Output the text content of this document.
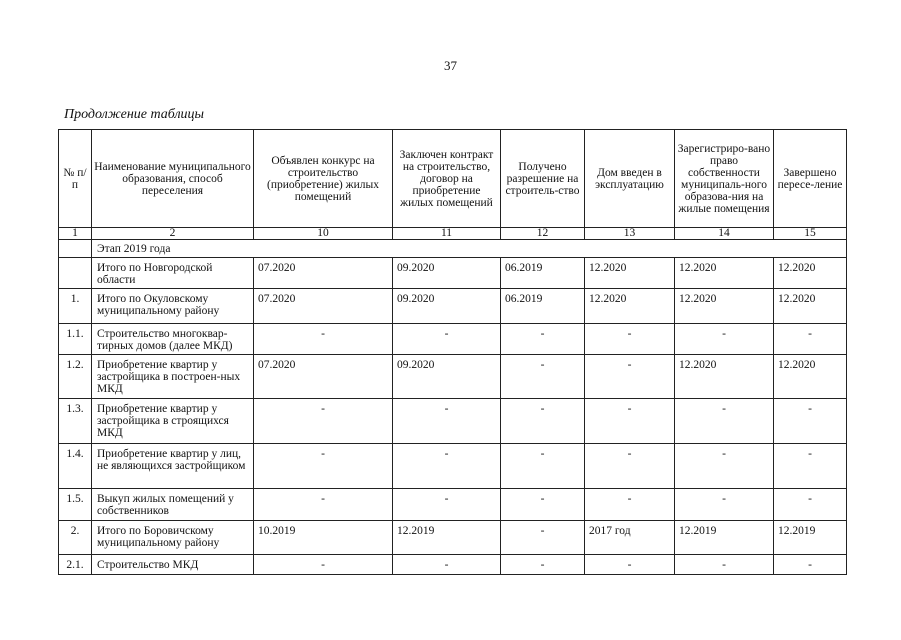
37
Продолжение таблицы
№ п/п	Наименование муниципального образования, способ переселения	Объявлен конкурс на строительство (приобретение) жилых помещений	Заключен контракт на строительство, договор на приобретение жилых помещений	Получено разрешение на строитель-ство	Дом введен в эксплуатацию	Зарегистриро-вано право собственности муниципаль-ного образова-ния на жилые помещения	Завершено пересе-ление
1	2	10	11	12	13	14	15
	Этап 2019 года						
	Итого по Новгородской области	07.2020	09.2020	06.2019	12.2020	12.2020	12.2020
1.	Итого по Окуловскому муниципальному району	07.2020	09.2020	06.2019	12.2020	12.2020	12.2020
1.1.	Строительство многоквар-тирных домов (далее МКД)	-	-	-	-	-	-
1.2.	Приобретение квартир у застройщика в построен-ных МКД	07.2020	09.2020	-	-	12.2020	12.2020
1.3.	Приобретение квартир у застройщика в строящихся МКД	-	-	-	-	-	-
1.4.	Приобретение квартир у лиц, не являющихся застройщиком	-	-	-	-	-	-
1.5.	Выкуп жилых помещений у собственников	-	-	-	-	-	-
2.	Итого по Боровичскому муниципальному району	10.2019	12.2019	-	2017 год	12.2019	12.2019
2.1.	Строительство МКД	-	-	-	-	-	-
